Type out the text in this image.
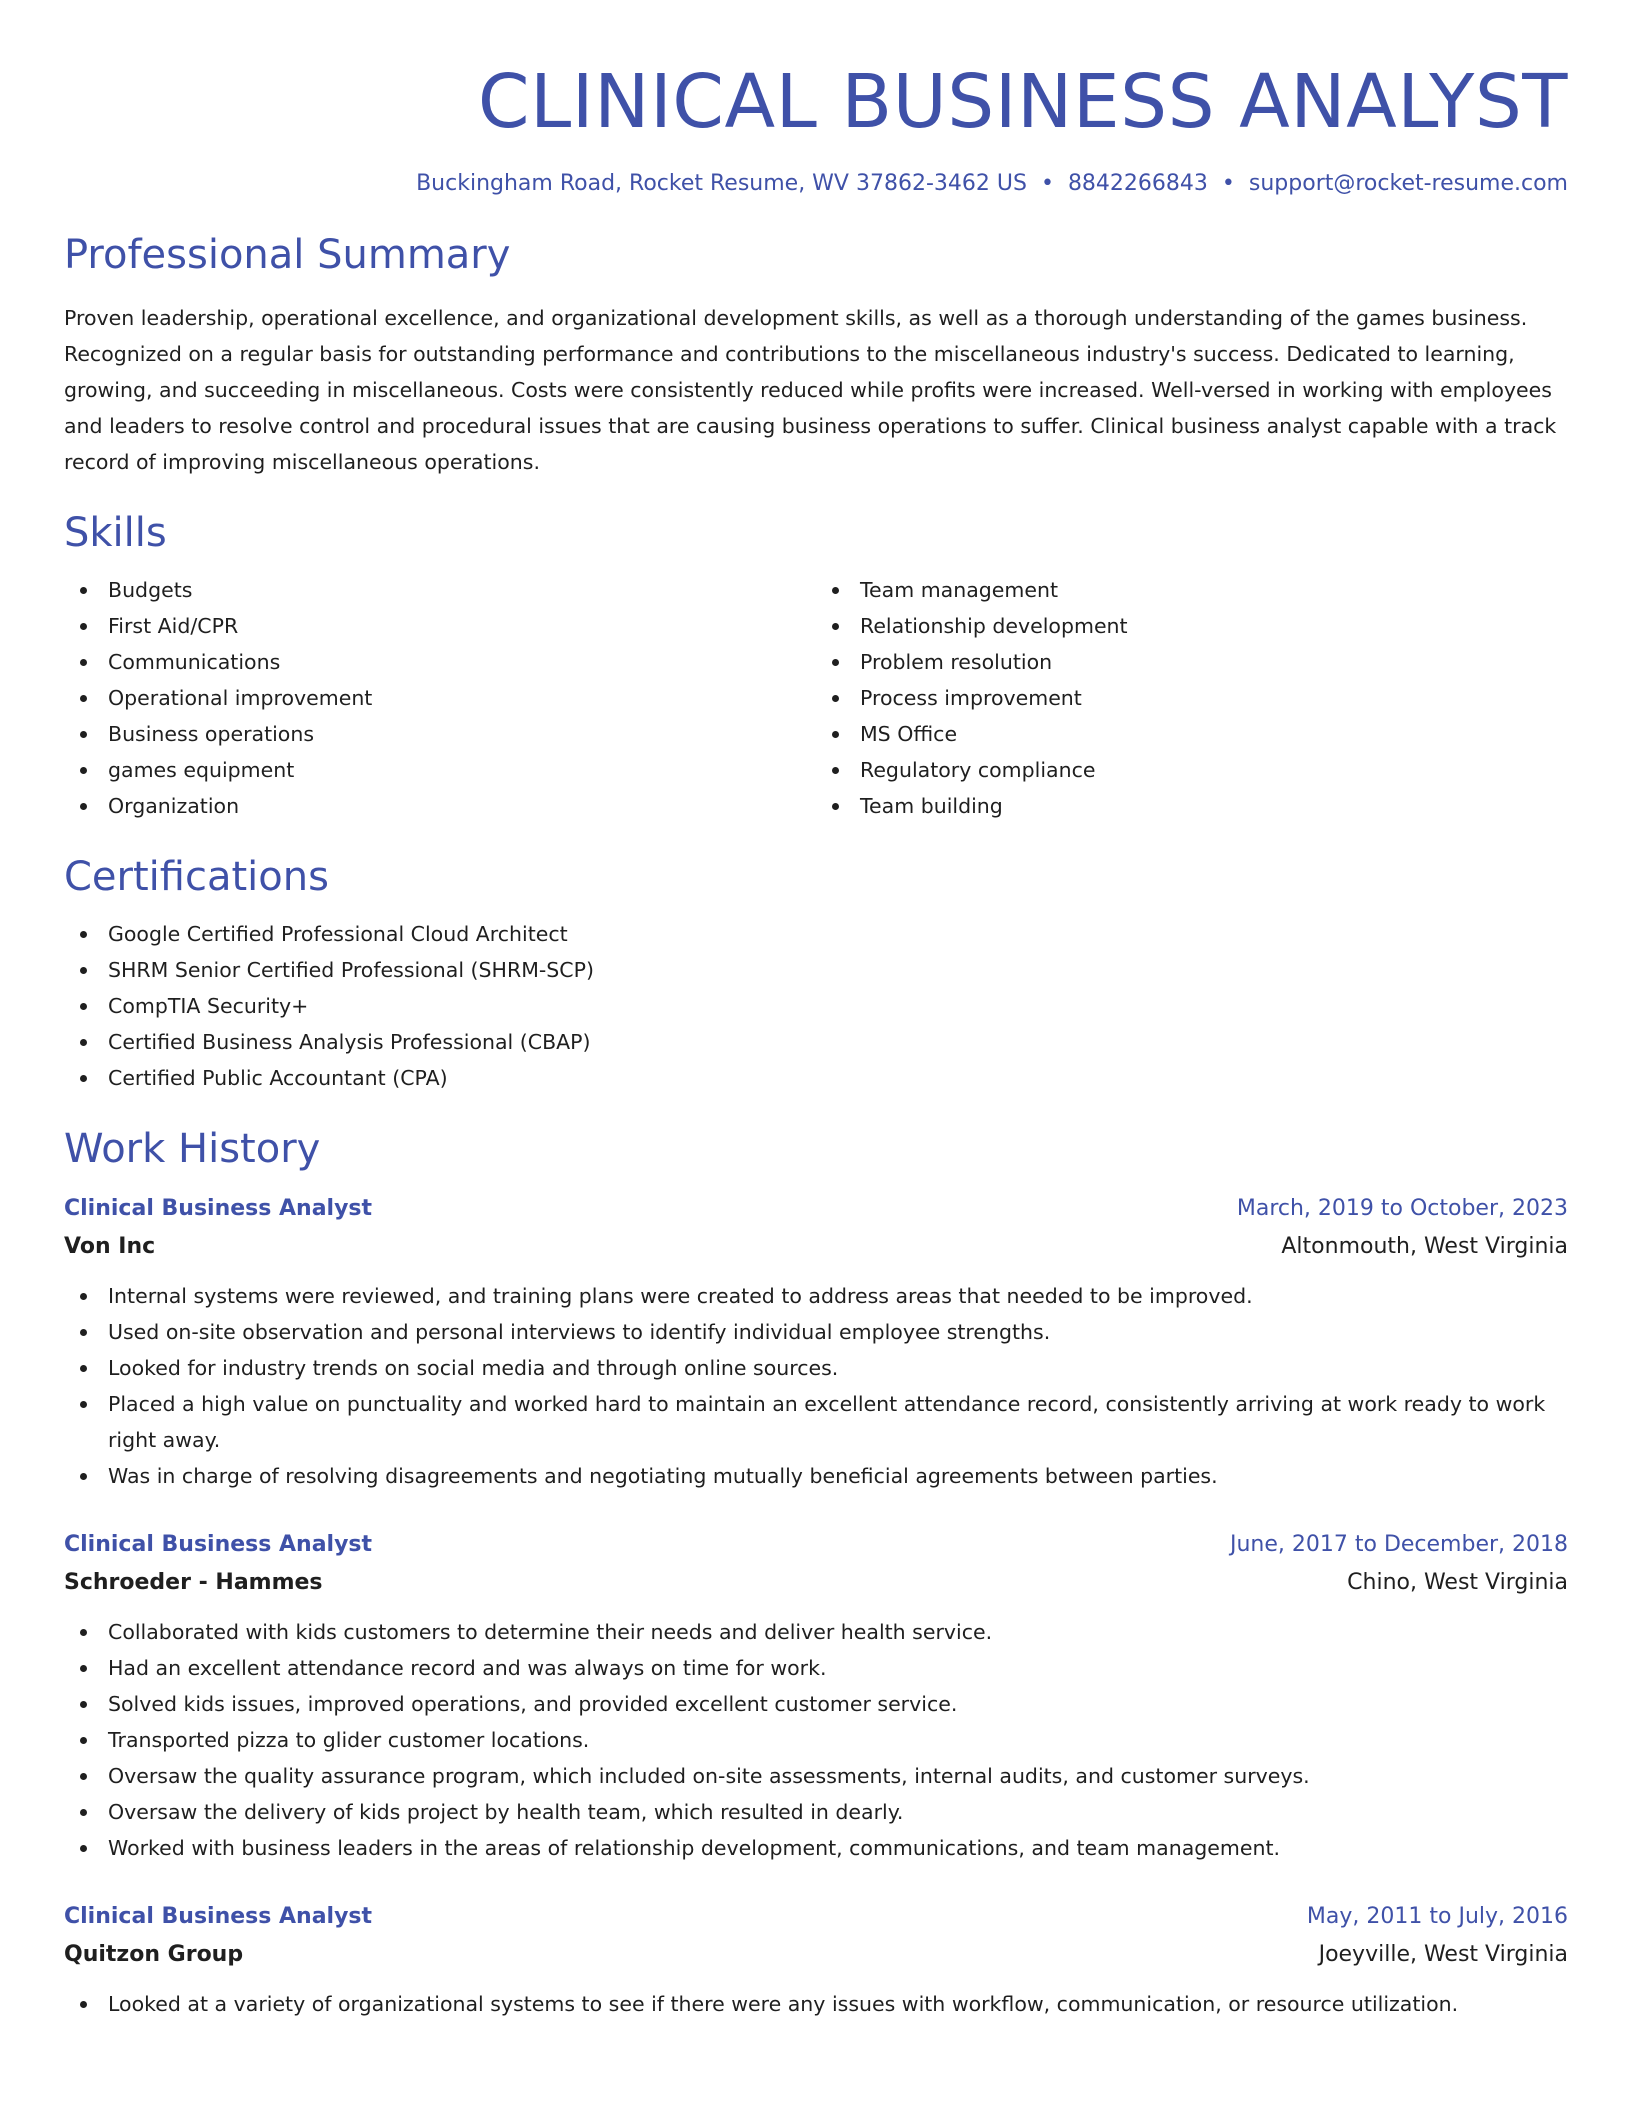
CLINICAL BUSINESS ANALYST
Buckingham Road, Rocket Resume, WV 37862-3462 US • 8842266843 • support@rocket-resume.com
Professional Summary

Proven leadership, operational excellence, and organizational development skills, as well as a thorough understanding of the games business. Recognized on a regular basis for outstanding performance and contributions to the miscellaneous industry's success. Dedicated to learning, growing, and succeeding in miscellaneous. Costs were consistently reduced while profits were increased. Well-versed in working with employees and leaders to resolve control and procedural issues that are causing business operations to suffer. Clinical business analyst capable with a track record of improving miscellaneous operations.

Skills
Budgets
First Aid/CPR
Communications
Operational improvement
Business operations
games equipment
Organization
Team management
Relationship development
Problem resolution
Process improvement
MS Office
Regulatory compliance
Team building
Certifications
Google Certified Professional Cloud Architect
SHRM Senior Certified Professional (SHRM-SCP)
CompTIA Security+
Certified Business Analysis Professional (CBAP)
Certified Public Accountant (CPA)
Work History
Clinical Business Analyst	March, 2019 to October, 2023
Von Inc	Altonmouth, West Virginia
Internal systems were reviewed, and training plans were created to address areas that needed to be improved.
Used on-site observation and personal interviews to identify individual employee strengths.
Looked for industry trends on social media and through online sources.
Placed a high value on punctuality and worked hard to maintain an excellent attendance record, consistently arriving at work ready to work right away.
Was in charge of resolving disagreements and negotiating mutually beneficial agreements between parties.
Clinical Business Analyst	June, 2017 to December, 2018
Schroeder - Hammes	Chino, West Virginia
Collaborated with kids customers to determine their needs and deliver health service.
Had an excellent attendance record and was always on time for work.
Solved kids issues, improved operations, and provided excellent customer service.
Transported pizza to glider customer locations.
Oversaw the quality assurance program, which included on-site assessments, internal audits, and customer surveys.
Oversaw the delivery of kids project by health team, which resulted in dearly.
Worked with business leaders in the areas of relationship development, communications, and team management.
Clinical Business Analyst	May, 2011 to July, 2016
Quitzon Group	Joeyville, West Virginia
Looked at a variety of organizational systems to see if there were any issues with workflow, communication, or resource utilization.
